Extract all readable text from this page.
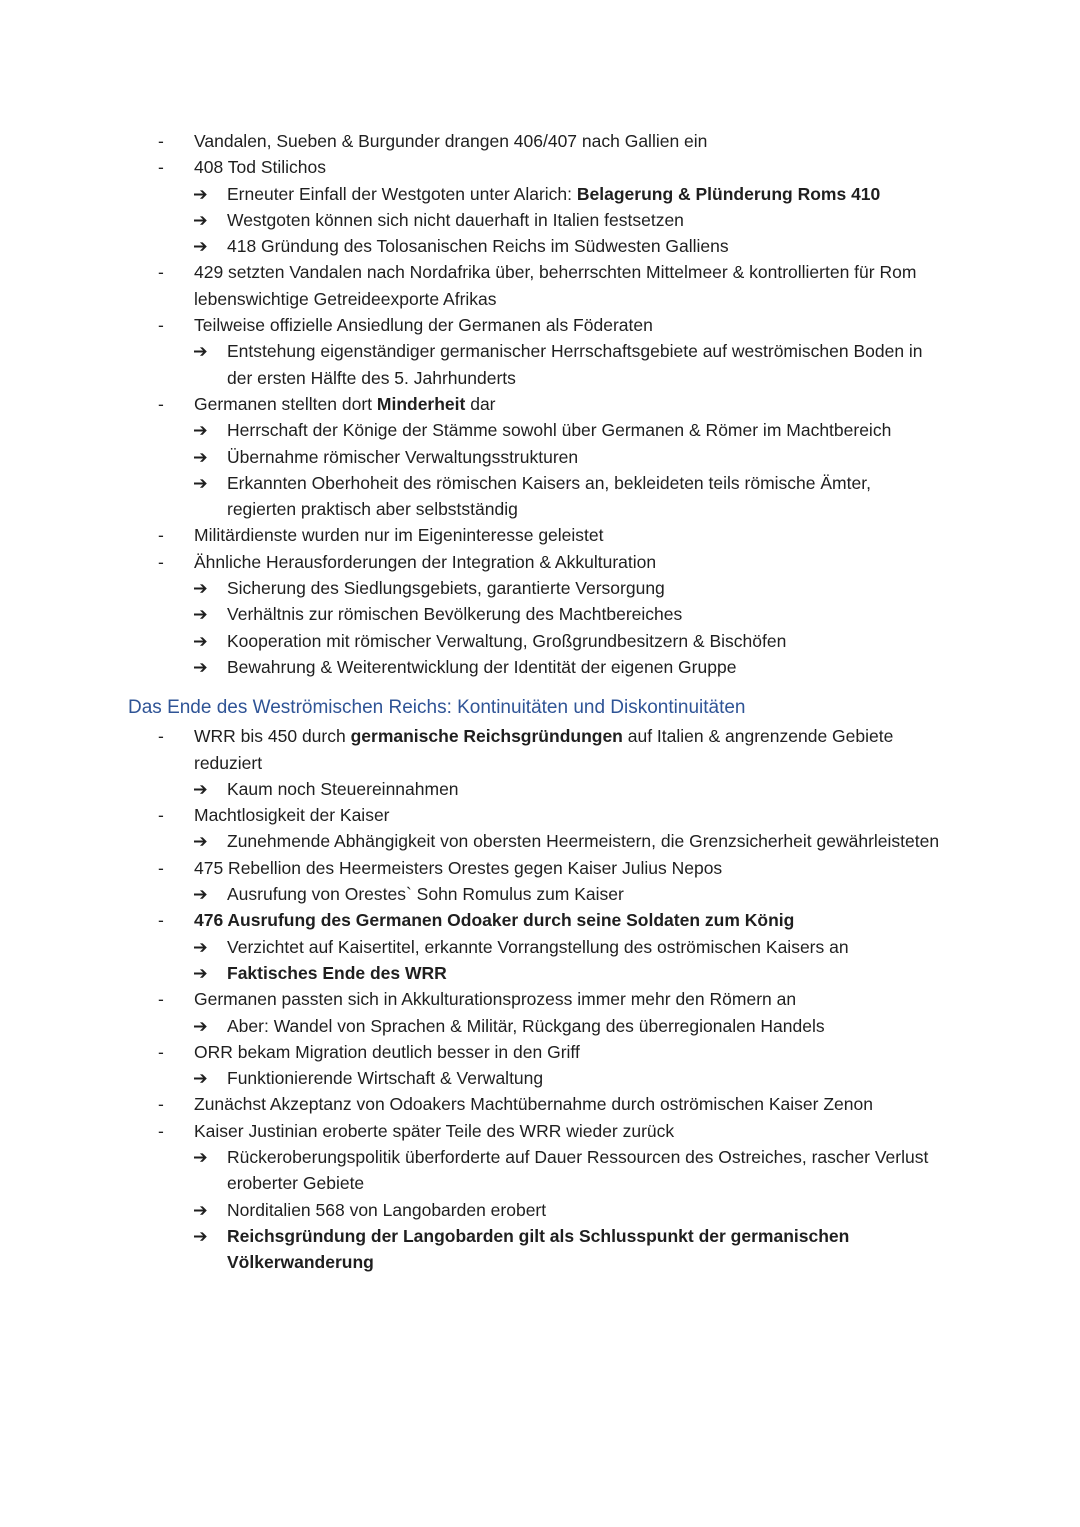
- Vandalen, Sueben & Burgunder drangen 406/407 nach Gallien ein
- 408 Tod Stilichos
➔ Erneuter Einfall der Westgoten unter Alarich: Belagerung & Plünderung Roms 410
➔ Westgoten können sich nicht dauerhaft in Italien festsetzen
➔ 418 Gründung des Tolosanischen Reichs im Südwesten Galliens
- 429 setzten Vandalen nach Nordafrika über, beherrschten Mittelmeer & kontrollierten für Rom lebenswichtige Getreideexporte Afrikas
- Teilweise offizielle Ansiedlung der Germanen als Föderaten
➔ Entstehung eigenständiger germanischer Herrschaftsgebiete auf weströmischen Boden in der ersten Hälfte des 5. Jahrhunderts
- Germanen stellten dort Minderheit dar
➔ Herrschaft der Könige der Stämme sowohl über Germanen & Römer im Machtbereich
➔ Übernahme römischer Verwaltungsstrukturen
➔ Erkannten Oberhoheit des römischen Kaisers an, bekleideten teils römische Ämter, regierten praktisch aber selbstständig
- Militärdienste wurden nur im Eigeninteresse geleistet
- Ähnliche Herausforderungen der Integration & Akkulturation
➔ Sicherung des Siedlungsgebiets, garantierte Versorgung
➔ Verhältnis zur römischen Bevölkerung des Machtbereiches
➔ Kooperation mit römischer Verwaltung, Großgrundbesitzern & Bischöfen
➔ Bewahrung & Weiterentwicklung der Identität der eigenen Gruppe
Das Ende des Weströmischen Reichs: Kontinuitäten und Diskontinuitäten
- WRR bis 450 durch germanische Reichsgründungen auf Italien & angrenzende Gebiete reduziert
➔ Kaum noch Steuereinnahmen
- Machtlosigkeit der Kaiser
➔ Zunehmende Abhängigkeit von obersten Heermeistern, die Grenzsicherheit gewährleisteten
- 475 Rebellion des Heermeisters Orestes gegen Kaiser Julius Nepos
➔ Ausrufung von Orestes` Sohn Romulus zum Kaiser
- 476 Ausrufung des Germanen Odoaker durch seine Soldaten zum König
➔ Verzichtet auf Kaisertitel, erkannte Vorrangstellung des oströmischen Kaisers an
➔ Faktisches Ende des WRR
- Germanen passten sich in Akkulturationsprozess immer mehr den Römern an
➔ Aber: Wandel von Sprachen & Militär, Rückgang des überregionalen Handels
- ORR bekam Migration deutlich besser in den Griff
➔ Funktionierende Wirtschaft & Verwaltung
- Zunächst Akzeptanz von Odoakers Machtübernahme durch oströmischen Kaiser Zenon
- Kaiser Justinian eroberte später Teile des WRR wieder zurück
➔ Rückeroberungspolitik überforderte auf Dauer Ressourcen des Ostreiches, rascher Verlust eroberter Gebiete
➔ Norditalien 568 von Langobarden erobert
➔ Reichsgründung der Langobarden gilt als Schlusspunkt der germanischen Völkerwanderung
